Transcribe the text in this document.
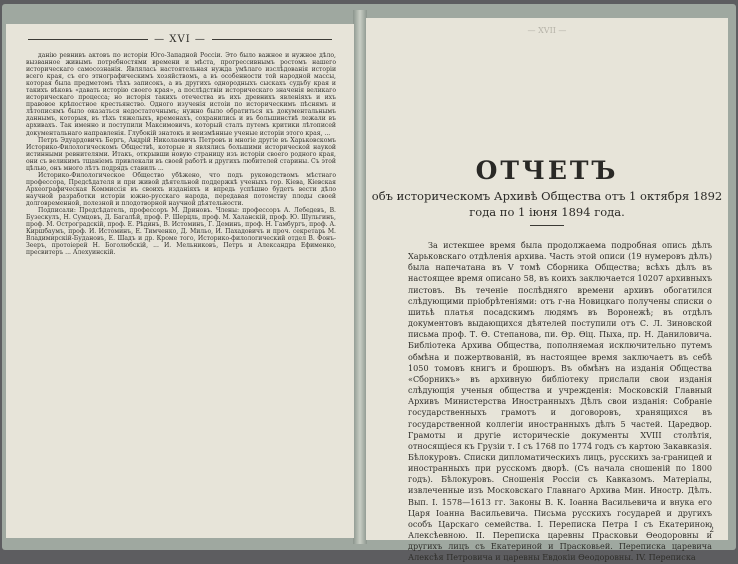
— XVI —

данію ревнивъ актовъ по исторіи Юго-Западной Россіи. Это было важное и нужное дѣло, вызванное живымъ потребностями времени и мѣста, прогрессивнымъ ростомъ нашего историческаго самосознанія. Являлась настоятельная нужда умѣлаго изслѣдованія исторіи всего края, съ его этнографическимъ хозяйствомъ, а въ особенности той народной массы, которая была предметомъ тѣхъ записокъ, а въ другихъ однородныхъ сыскахъ судьбу края и такихъ вѣковъ «давать исторію своего края», а послѣдствіи историческаго значенія великаго историческаго процесса; но исторія такихъ отечества въ ихъ древнихъ явленіяхъ и ихъ правовое крѣпостное крестьянство. Одного изученія истоіи по историческимъ пѣснямъ и лѣтописямъ было оказаться недостаточнымъ; нужно было обратиться къ документальнымъ даннымъ, которыя, въ тѣхъ тяжелыхъ, временахъ, сохранились и въ большинствѣ лежали въ архивахъ. Так именно и поступили Максимовичъ, который сталъ путемъ критики лѣтописей документальнаго направленія. Глубокій знатокъ и неизмѣнные ученые исторіи этого края, ...

Петръ Эдуардовичъ Бергъ, Андрій Николаевичъ Петровъ и многіе другіе въ Харьковскомъ Историко-Филологическомъ Обществѣ, которые и являлись большими исторической наукой истинными ревнителями. Итакъ, открывши новую страницу изъ исторіи своего родного края, они съ великимъ тщаніемъ привлекали въ своей работѣ и другихъ любителей старины. Съ этой цѣлью, онъ много лѣтъ подрядъ ставилъ ...

Историко-Филологическое Общество убѣжено, что подъ руководствомъ мѣстнаго профессора, Предсѣдателя и при живой дѣятельной поддержкѣ ученыхъ гор. Кіева, Кіевская Археографическая Коммиссія въ своихъ изданіяхъ и впредь успѣшно будетъ вести дѣло научной разработки исторіи южно-русскаго народа, передавая потомству плоды своей долговременной, полезной и плодотворной научной дѣятельности.

Подписали: Предсѣдатель, профессоръ М. Дриновъ. Члены: профессоръ А. Лебедевъ, В. Бузескулъ, Н. Сумцовъ, Д. Багалѣй, проф. Р. Шерцль, проф. М. Халанскій, проф. Ю. Шульгинъ, проф. М. Остроградскій, проф. Е. Рѣдинъ, В. Истоминъ, Г. Деминъ, проф. Н. Гамбургъ, проф. А. Киршбаумъ, проф. И. Истоминъ, Е. Тимченко, Д. Мильо, И. Пахадовичъ и проч. секретарь М. Владимирскій-Будановъ, Е. Шадъ и др. Кроме того, Историко-филологический отдел В. Фонъ-Зееръ, протоіерей Н. Боголюбскій, ... И. Мельниковъ, Петръ и Александра Ефименко, пресвитеръ ... Алехуинскій.

— XVII —
ОТЧЕТЪ
объ историческомъ Архивѣ Общества отъ 1 октября 1892
года по 1 іюня 1894 года.
За истекшее время была продолжаема подробная опись дѣлъ Харьковскаго отдѣленія архива. Часть этой описи (19 нумеровъ дѣлъ) была напечатана въ V томѣ Сборника Общества; всѣхъ дѣлъ въ настоящее время описано 58, въ коихъ заключается 10207 архивныхъ листовъ. Въ теченіе послѣдняго времени архивъ обогатился слѣдующими пріобрѣтеніями: отъ г-на Новицкаго получены списки о шитьѣ платья посадскимъ людямъ въ Воронежѣ; въ отдѣлъ документовъ выдающихся дѣятелей поступили отъ С. Л. Зиновской письма проф. Т. Ѳ. Степанова, пи. Ѳр. Ѳіц. Пыха, пр. Н. Даниловича. Библіотека Архива Общества, пополняемая исключительно путемъ обмѣна и пожертвованій, въ настоящее время заключаетъ въ себѣ 1050 томовъ книгъ и брошюръ. Въ обмѣнъ на изданія Общества «Сборникъ» въ архивную библіотеку прислали свои изданія слѣдующія ученыя общества и учрежденія: Московскій Главный Архивъ Министерства Иностранныхъ Дѣлъ свои изданія: Собраніе государственныхъ грамотъ и договоровъ, хранящихся въ государственной коллегіи иностранныхъ дѣлъ 5 частей. Царедвор. Грамоты и другіе историческіе документы XVIII столѣтія, относящіеся къ Грузіи т. I съ 1768 по 1774 годъ съ картою Закавказія. Бѣлокуровъ. Списки дипломатическихъ лицъ, русскихъ за-границей и иностранныхъ при русскомъ дворѣ. (Съ начала сношеній по 1800 годъ). Бѣлокуровъ. Сношенія Россіи съ Кавказомъ. Матеріалы, извлеченные изъ Московскаго Главнаго Архива Мин. Иностр. Дѣлъ. Вып. I. 1578—1613 гг. Законы В. К. Іоанна Васильевича и внука его Царя Іоанна Васильевича. Письма русскихъ государей и другихъ особъ Царскаго семейства. I. Переписка Петра I съ Екатериною Алексѣевною. II. Переписка царевны Прасковьи Ѳеодоровны и другихъ лицъ съ Екатериной и Прасковьей. Переписка царевича Алексѣя Петровича и царевны Евдокіи Ѳеодоровны. IV. Переписка
2
